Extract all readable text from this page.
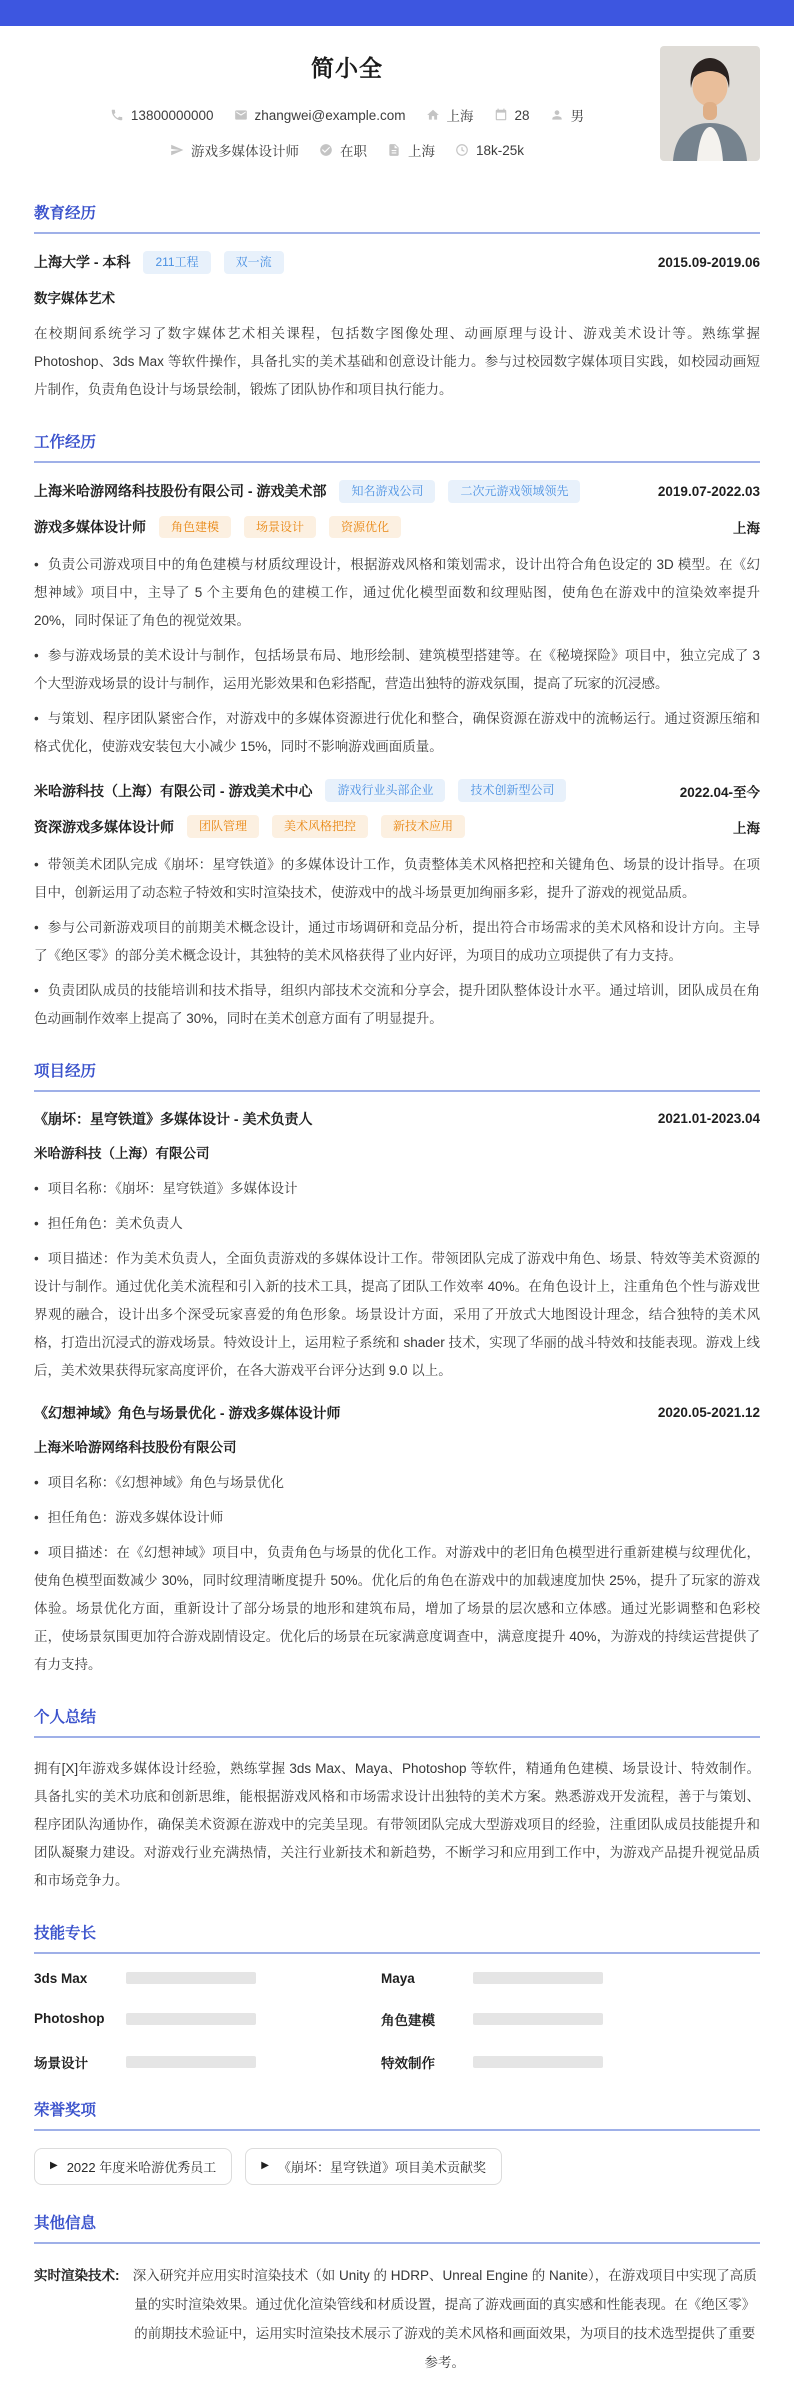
简小全
13800000000	zhangwei@example.com	上海	28	男
游戏多媒体设计师	在职	上海	18k-25k
教育经历
上海大学 - 本科	211工程	双一流	2015.09-2019.06

数字媒体艺术

在校期间系统学习了数字媒体艺术相关课程，包括数字图像处理、动画原理与设计、游戏美术设计等。熟练掌握 Photoshop、3ds Max 等软件操作，具备扎实的美术基础和创意设计能力。参与过校园数字媒体项目实践，如校园动画短片制作，负责角色设计与场景绘制，锻炼了团队协作和项目执行能力。

工作经历
上海米哈游网络科技股份有限公司 - 游戏美术部	知名游戏公司	二次元游戏领域领先	2019.07-2022.03
游戏多媒体设计师	角色建模	场景设计	资源优化	上海

• 负责公司游戏项目中的角色建模与材质纹理设计，根据游戏风格和策划需求，设计出符合角色设定的 3D 模型。在《幻想神域》项目中，主导了 5 个主要角色的建模工作，通过优化模型面数和纹理贴图，使角色在游戏中的渲染效率提升 20%，同时保证了角色的视觉效果。

• 参与游戏场景的美术设计与制作，包括场景布局、地形绘制、建筑模型搭建等。在《秘境探险》项目中，独立完成了 3 个大型游戏场景的设计与制作，运用光影效果和色彩搭配，营造出独特的游戏氛围，提高了玩家的沉浸感。

• 与策划、程序团队紧密合作，对游戏中的多媒体资源进行优化和整合，确保资源在游戏中的流畅运行。通过资源压缩和格式优化，使游戏安装包大小减少 15%，同时不影响游戏画面质量。

米哈游科技（上海）有限公司 - 游戏美术中心	游戏行业头部企业	技术创新型公司	2022.04-至今
资深游戏多媒体设计师	团队管理	美术风格把控	新技术应用	上海

• 带领美术团队完成《崩坏：星穹铁道》的多媒体设计工作，负责整体美术风格把控和关键角色、场景的设计指导。在项目中，创新运用了动态粒子特效和实时渲染技术，使游戏中的战斗场景更加绚丽多彩，提升了游戏的视觉品质。

• 参与公司新游戏项目的前期美术概念设计，通过市场调研和竞品分析，提出符合市场需求的美术风格和设计方向。主导了《绝区零》的部分美术概念设计，其独特的美术风格获得了业内好评，为项目的成功立项提供了有力支持。

• 负责团队成员的技能培训和技术指导，组织内部技术交流和分享会，提升团队整体设计水平。通过培训，团队成员在角色动画制作效率上提高了 30%，同时在美术创意方面有了明显提升。

项目经历
《崩坏：星穹铁道》多媒体设计 - 美术负责人	2021.01-2023.04

米哈游科技（上海）有限公司

• 项目名称：《崩坏：星穹铁道》多媒体设计

• 担任角色：美术负责人

• 项目描述：作为美术负责人，全面负责游戏的多媒体设计工作。带领团队完成了游戏中角色、场景、特效等美术资源的设计与制作。通过优化美术流程和引入新的技术工具，提高了团队工作效率 40%。在角色设计上，注重角色个性与游戏世界观的融合，设计出多个深受玩家喜爱的角色形象。场景设计方面，采用了开放式大地图设计理念，结合独特的美术风格，打造出沉浸式的游戏场景。特效设计上，运用粒子系统和 shader 技术，实现了华丽的战斗特效和技能表现。游戏上线后，美术效果获得玩家高度评价，在各大游戏平台评分达到 9.0 以上。

《幻想神域》角色与场景优化 - 游戏多媒体设计师	2020.05-2021.12

上海米哈游网络科技股份有限公司

• 项目名称：《幻想神域》角色与场景优化

• 担任角色：游戏多媒体设计师

• 项目描述：在《幻想神域》项目中，负责角色与场景的优化工作。对游戏中的老旧角色模型进行重新建模与纹理优化，使角色模型面数减少 30%，同时纹理清晰度提升 50%。优化后的角色在游戏中的加载速度加快 25%，提升了玩家的游戏体验。场景优化方面，重新设计了部分场景的地形和建筑布局，增加了场景的层次感和立体感。通过光影调整和色彩校正，使场景氛围更加符合游戏剧情设定。优化后的场景在玩家满意度调查中，满意度提升 40%，为游戏的持续运营提供了有力支持。

个人总结

拥有[X]年游戏多媒体设计经验，熟练掌握 3ds Max、Maya、Photoshop 等软件，精通角色建模、场景设计、特效制作。具备扎实的美术功底和创新思维，能根据游戏风格和市场需求设计出独特的美术方案。熟悉游戏开发流程，善于与策划、程序团队沟通协作，确保美术资源在游戏中的完美呈现。有带领团队完成大型游戏项目的经验，注重团队成员技能提升和团队凝聚力建设。对游戏行业充满热情，关注行业新技术和新趋势，不断学习和应用到工作中，为游戏产品提升视觉品质和市场竞争力。

技能专长
3ds Max	Maya
Photoshop	角色建模
场景设计	特效制作
荣誉奖项
▶ 2022 年度米哈游优秀员工	▶ 《崩坏：星穹铁道》项目美术贡献奖
其他信息
实时渲染技术: 深入研究并应用实时渲染技术（如 Unity 的 HDRP、Unreal Engine 的 Nanite），在游戏项目中实现了高质量的实时渲染效果。通过优化渲染管线和材质设置，提高了游戏画面的真实感和性能表现。在《绝区零》的前期技术验证中，运用实时渲染技术展示了游戏的美术风格和画面效果，为项目的技术选型提供了重要参考。
